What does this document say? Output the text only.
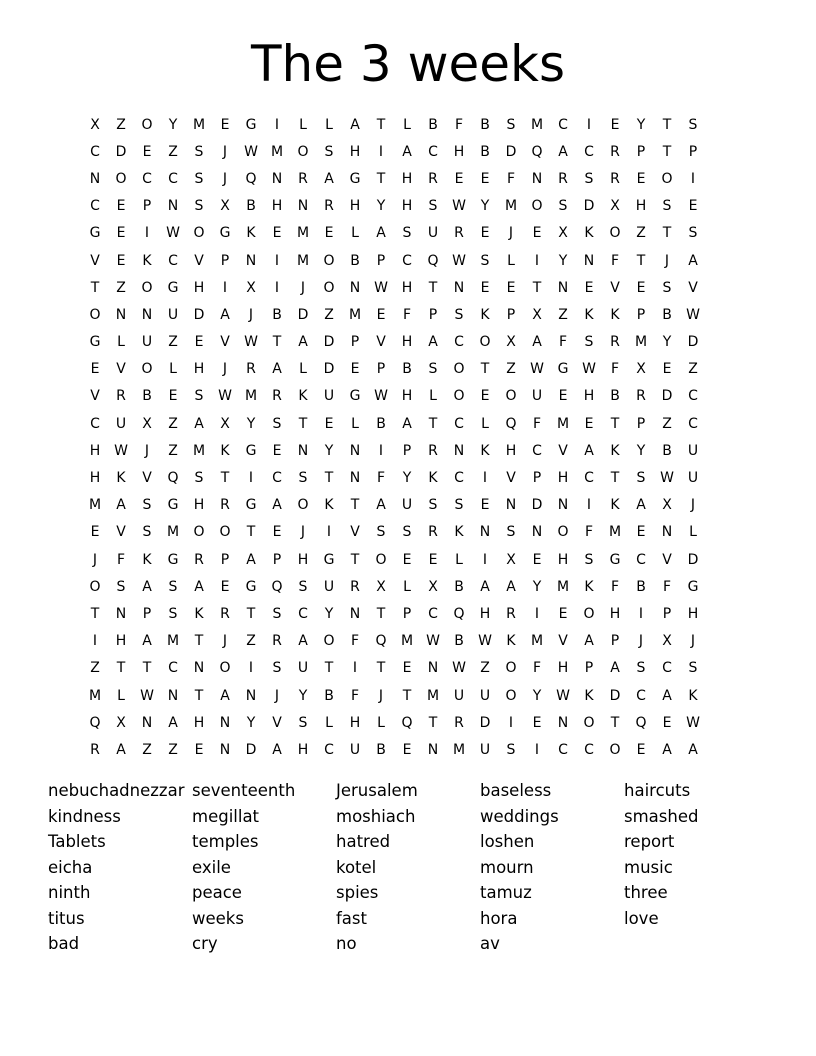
The 3 weeks
X	Z	O	Y	M	E	G	I	L	L	A	T	L	B	F	B	S	M	C	I	E	Y	T	S
C	D	E	Z	S	J	W M	O	S	H	I	A	C	H	B	D	Q	A	C	R	P	T	P
N	O	C	C	S	J	Q	N	R	A	G	T	H	R	E	E	F	N	R	S	R	E	O	I
C	E	P	N	S	X	B	H	N	R	H	Y	H	S	W	Y	M	O	S	D	X	H	S	E
G	E	I	W O	G	K	E	M	E	L	A	S	U	R	E	J	E	X	K	O	Z	T	S
V	E	K	C	V	P	N	I	M	O	B	P	C	Q W	S	L	I	Y	N	F	T	J	A
T	Z	O	G	H	I	X	I	J	O	N W H	T	N	E	E	T	N	E	V	E	S	V
O	N	N	U	D	A	J	B	D	Z	M	E	F	P	S	K	P	X	Z	K	K	P	B	W
G	L	U	Z	E	V	W	T	A	D	P	V	H	A	C	O	X	A	F	S	R	M	Y	D
E	V	O	L	H	J	R	A	L	D	E	P	B	S	O	T	Z	W G W	F	X	E	Z
V	R	B	E	S	W M	R	K	U	G W H	L	O	E	O	U	E	H	B	R	D	C
C	U	X	Z	A	X	Y	S	T	E	L	B	A	T	C	L	Q	F	M	E	T	P	Z	C
H W	J	Z	M	K	G	E	N	Y	N	I	P	R	N	K	H	C	V	A	K	Y	B	U
H	K	V	Q	S	T	I	C	S	T	N	F	Y	K	C	I	V	P	H	C	T	S	W U
M	A	S	G	H	R	G	A	O	K	T	A	U	S	S	E	N	D	N	I	K	A	X	J
E	V	S	M	O	O	T	E	J	I	V	S	S	R	K	N	S	N	O	F	M	E	N	L
J	F	K	G	R	P	A	P	H	G	T	O	E	E	L	I	X	E	H	S	G	C	V	D
O	S	A	S	A	E	G	Q	S	U	R	X	L	X	B	A	A	Y	M	K	F	B	F	G
T	N	P	S	K	R	T	S	C	Y	N	T	P	C	Q	H	R	I	E	O	H	I	P	H
I	H	A	M	T	J	Z	R	A	O	F	Q	M W	B	W	K	M	V	A	P	J	X	J
Z	T	T	C	N	O	I	S	U	T	I	T	E	N W	Z	O	F	H	P	A	S	C	S
M	L	W N	T	A	N	J	Y	B	F	J	T	M	U	U	O	Y	W	K	D	C	A	K
Q	X	N	A	H	N	Y	V	S	L	H	L	Q	T	R	D	I	E	N	O	T	Q	E	W
R	A	Z	Z	E	N	D	A	H	C	U	B	E	N	M	U	S	I	C	C	O	E	A	A
nebuchadnezzar
kindness
Tablets
eicha
ninth
titus
bad
seventeenth
megillat
temples
exile
peace
weeks
cry
Jerusalem
moshiach
hatred
kotel
spies
fast
no
baseless
weddings
loshen
mourn
tamuz
hora
av
haircuts
smashed
report
music
three
love
